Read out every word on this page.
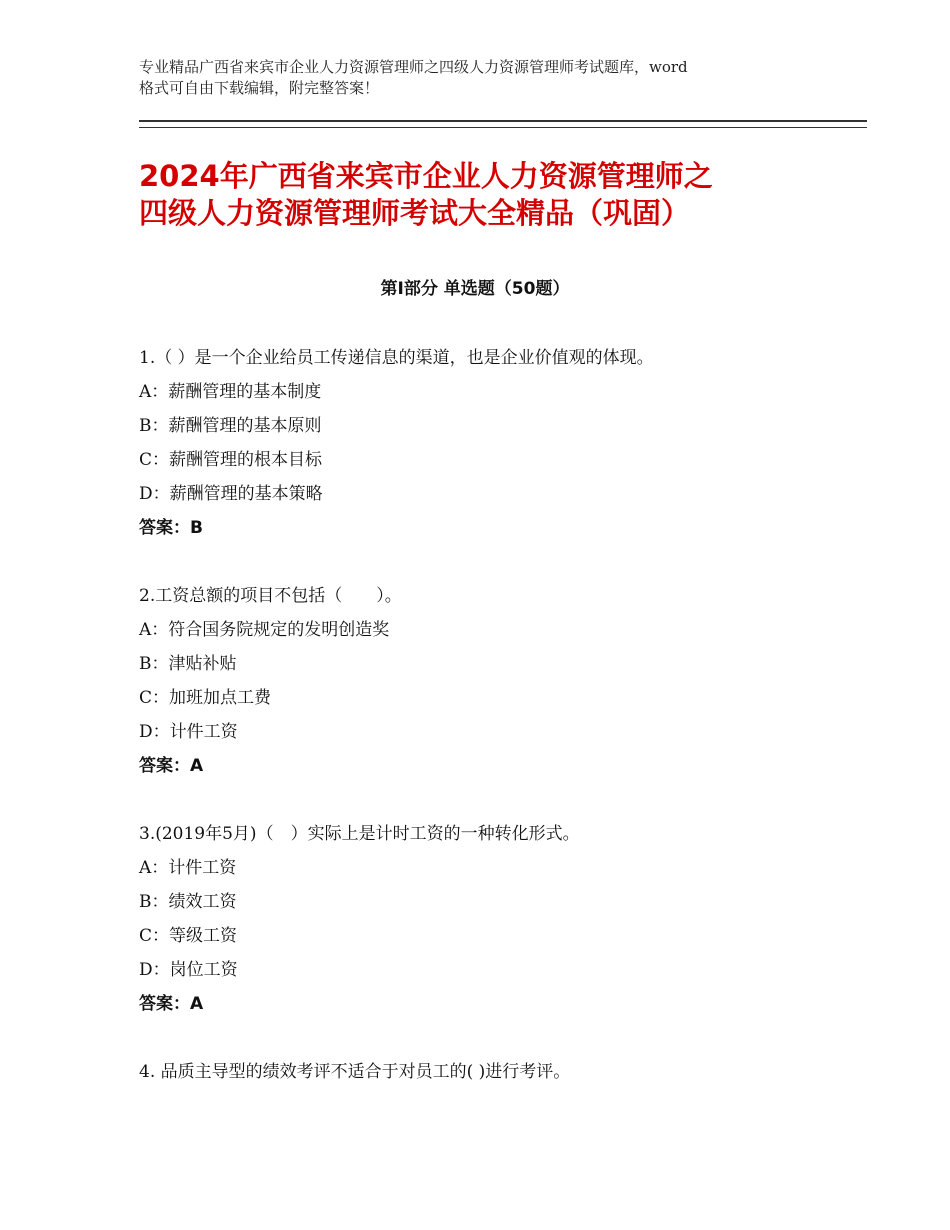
专业精品广西省来宾市企业人力资源管理师之四级人力资源管理师考试题库，word
格式可自由下载编辑，附完整答案！
2024年广西省来宾市企业人力资源管理师之
四级人力资源管理师考试大全精品（巩固）
第Ⅰ部分 单选题（50题）
1.（ ）是一个企业给员工传递信息的渠道，也是企业价值观的体现。
A：薪酬管理的基本制度
B：薪酬管理的基本原则
C：薪酬管理的根本目标
D：薪酬管理的基本策略
答案：B
2.工资总额的项目不包括（　　）。
A：符合国务院规定的发明创造奖
B：津贴补贴
C：加班加点工费
D：计件工资
答案：A
3.(2019年5月)（　）实际上是计时工资的一种转化形式。
A：计件工资
B：绩效工资
C：等级工资
D：岗位工资
答案：A
4. 品质主导型的绩效考评不适合于对员工的( )进行考评。
